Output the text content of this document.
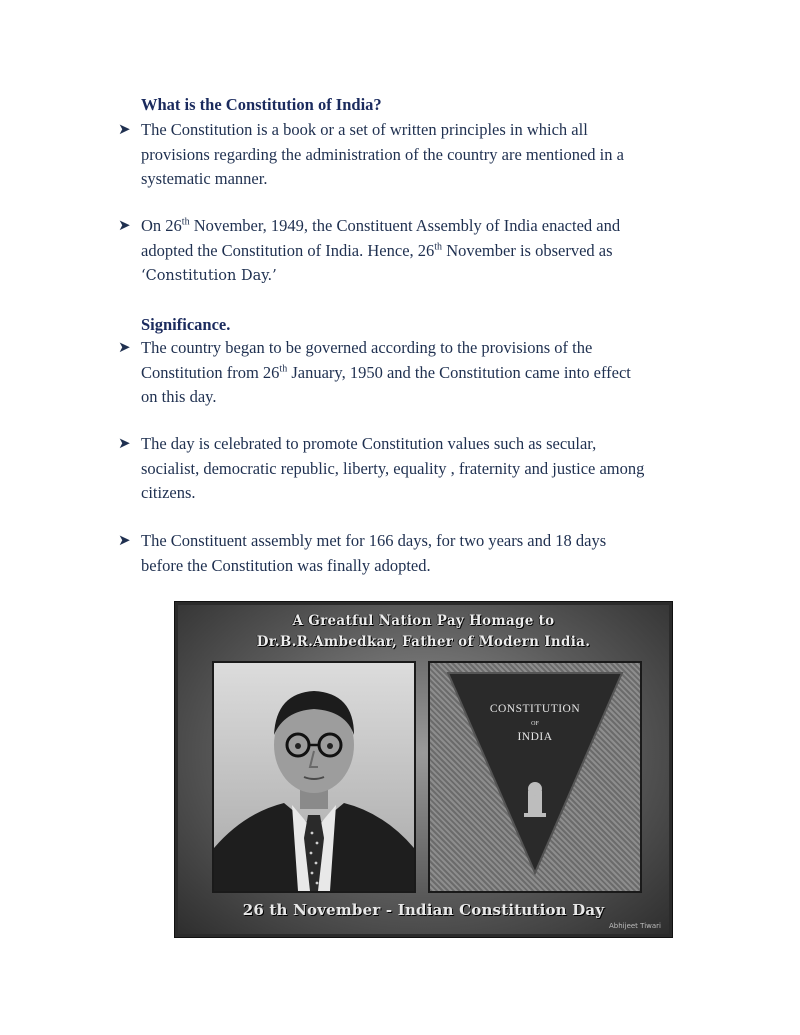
What is the Constitution of India?
➤ The Constitution is a book or a set of written principles in which all
provisions regarding the administration of the country are mentioned in a
systematic manner.
➤ On 26th November, 1949, the Constituent Assembly of India enacted and
adopted the Constitution of India. Hence, 26th November is observed as
‘Constitution Day.’
Significance.
➤ The country began to be governed according to the provisions of the
Constitution from 26th January, 1950 and the Constitution came into effect
on this day.
➤ The day is celebrated to promote Constitution values such as secular,
socialist, democratic republic, liberty, equality , fraternity and justice among
citizens.
➤ The Constituent assembly met for 166 days, for two years and 18 days
before the Constitution was finally adopted.
A Greatful Nation Pay Homage to
Dr.B.R.Ambedkar, Father of Modern India.
CONSTITUTION
OF
INDIA
26 th November - Indian Constitution Day
Abhijeet Tiwari
